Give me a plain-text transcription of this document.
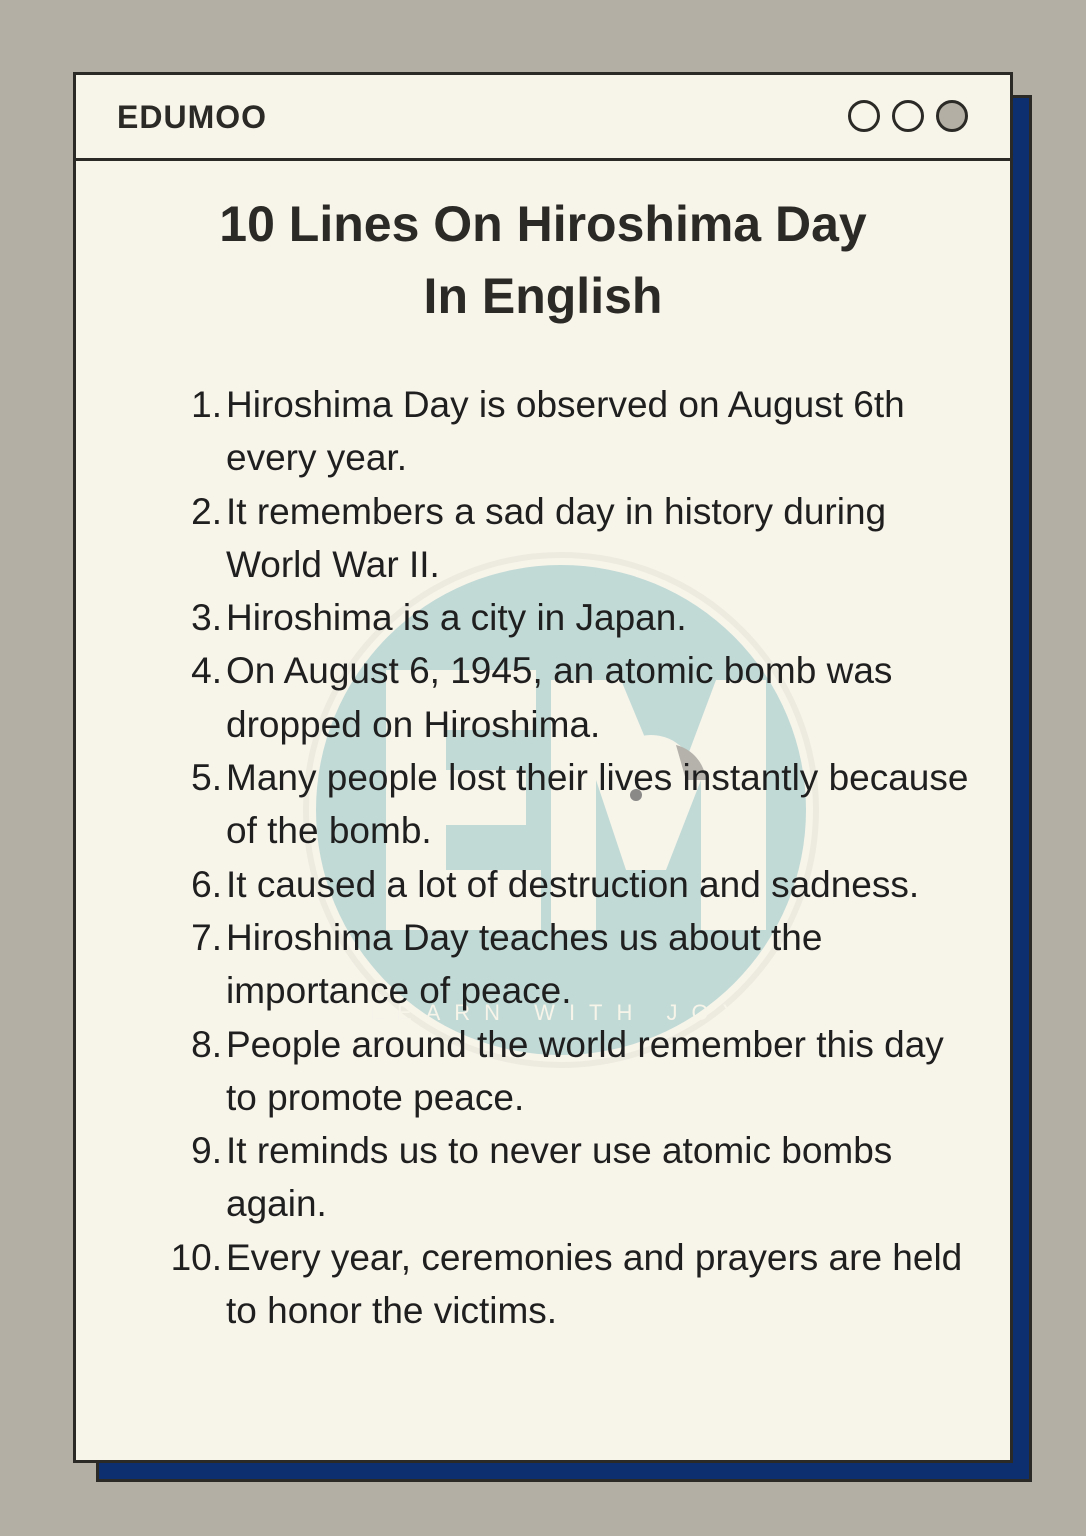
EDUMOO
LEARN WITH JOY
10 Lines On Hiroshima Day
In English
1. Hiroshima Day is observed on August 6th every year.
2. It remembers a sad day in history during World War II.
3. Hiroshima is a city in Japan.
4. On August 6, 1945, an atomic bomb was dropped on Hiroshima.
5. Many people lost their lives instantly because of the bomb.
6. It caused a lot of destruction and sadness.
7. Hiroshima Day teaches us about the importance of peace.
8. People around the world remember this day to promote peace.
9. It reminds us to never use atomic bombs again.
10. Every year, ceremonies and prayers are held to honor the victims.
